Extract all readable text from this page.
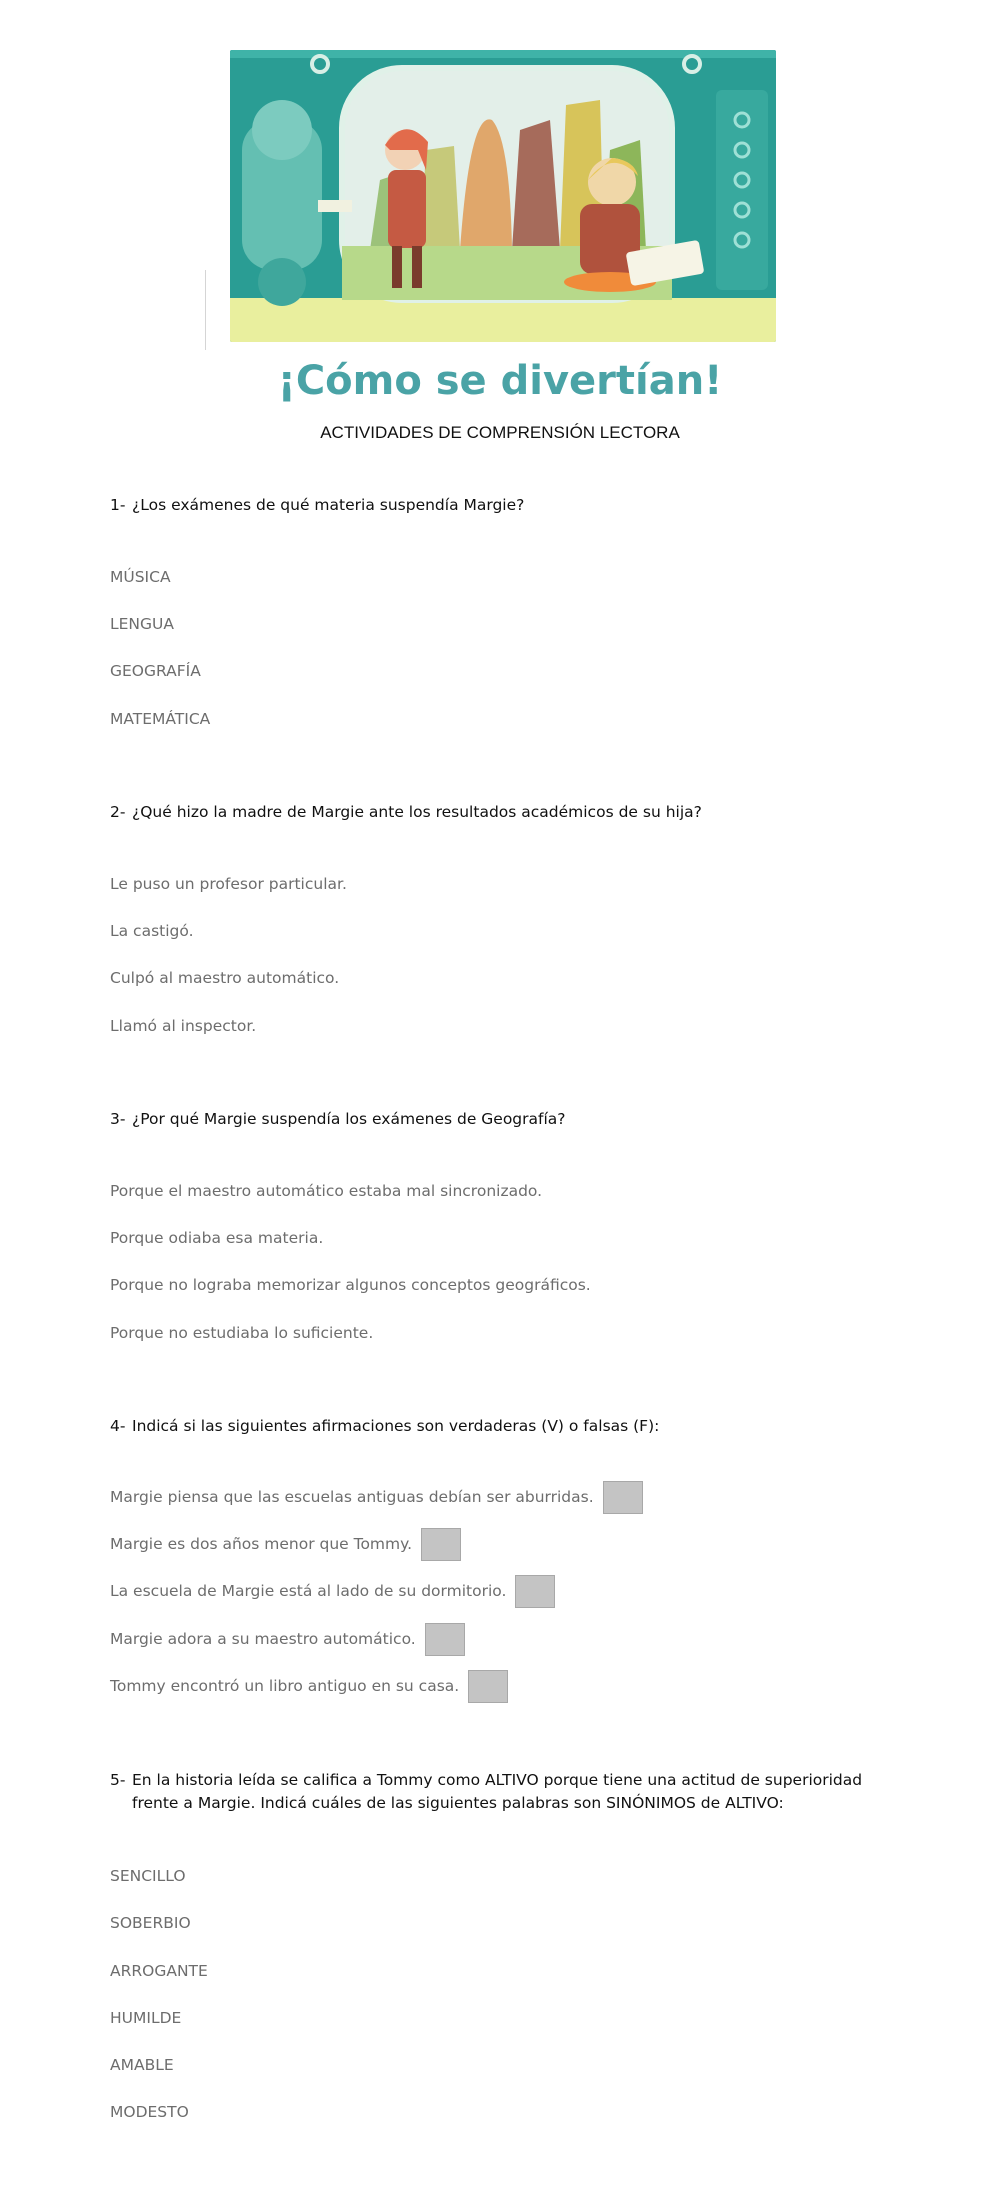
¡Cómo se divertían!
ACTIVIDADES DE COMPRENSIÓN LECTORA
1- ¿Los exámenes de qué materia suspendía Margie?
MÚSICA
LENGUA
GEOGRAFÍA
MATEMÁTICA
2- ¿Qué hizo la madre de Margie ante los resultados académicos de su hija?
Le puso un profesor particular.
La castigó.
Culpó al maestro automático.
Llamó al inspector.
3- ¿Por qué Margie suspendía los exámenes de Geografía?
Porque el maestro automático estaba mal sincronizado.
Porque odiaba esa materia.
Porque no lograba memorizar algunos conceptos geográficos.
Porque no estudiaba lo suficiente.
4- Indicá si las siguientes afirmaciones son verdaderas (V) o falsas (F):
Margie piensa que las escuelas antiguas debían ser aburridas.
Margie es dos años menor que Tommy.
La escuela de Margie está al lado de su dormitorio.
Margie adora a su maestro automático.
Tommy encontró un libro antiguo en su casa.
5- En la historia leída se califica a Tommy como ALTIVO porque tiene una actitud de superioridad frente a Margie. Indicá cuáles de las siguientes palabras son SINÓNIMOS de ALTIVO:
SENCILLO
SOBERBIO
ARROGANTE
HUMILDE
AMABLE
MODESTO
